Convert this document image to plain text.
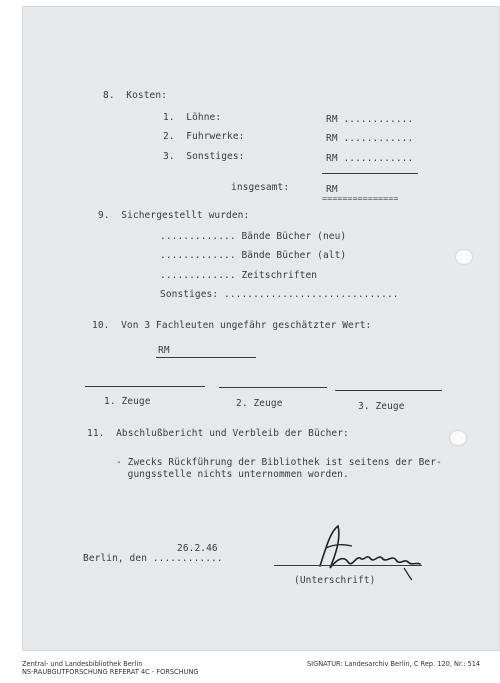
8.  Kosten:
1.  Löhne:	RM ............
2.  Fuhrwerke:	RM ............
3.  Sonstiges:	RM ............
insgesamt:	RM
===============
9.  Sichergestellt wurden:
............. Bände Bücher (neu)
............. Bände Bücher (alt)
............. Zeitschriften
Sonstiges: ..............................
10.  Von 3 Fachleuten ungefähr geschätzter Wert:
RM
1. Zeuge	2. Zeuge	3. Zeuge
11.  Abschlußbericht und Verbleib der Bücher:
- Zwecks Rückführung der Bibliothek ist seitens der Ber-
gungsstelle nichts unternommen worden.
26.2.46
Berlin, den ............
(Unterschrift)
Zentral- und Landesbibliothek Berlin
NS-RAUBGUTFORSCHUNG REFERAT 4C - FORSCHUNG
SIGNATUR: Landesarchiv Berlin, C Rep. 120, Nr.: 514
